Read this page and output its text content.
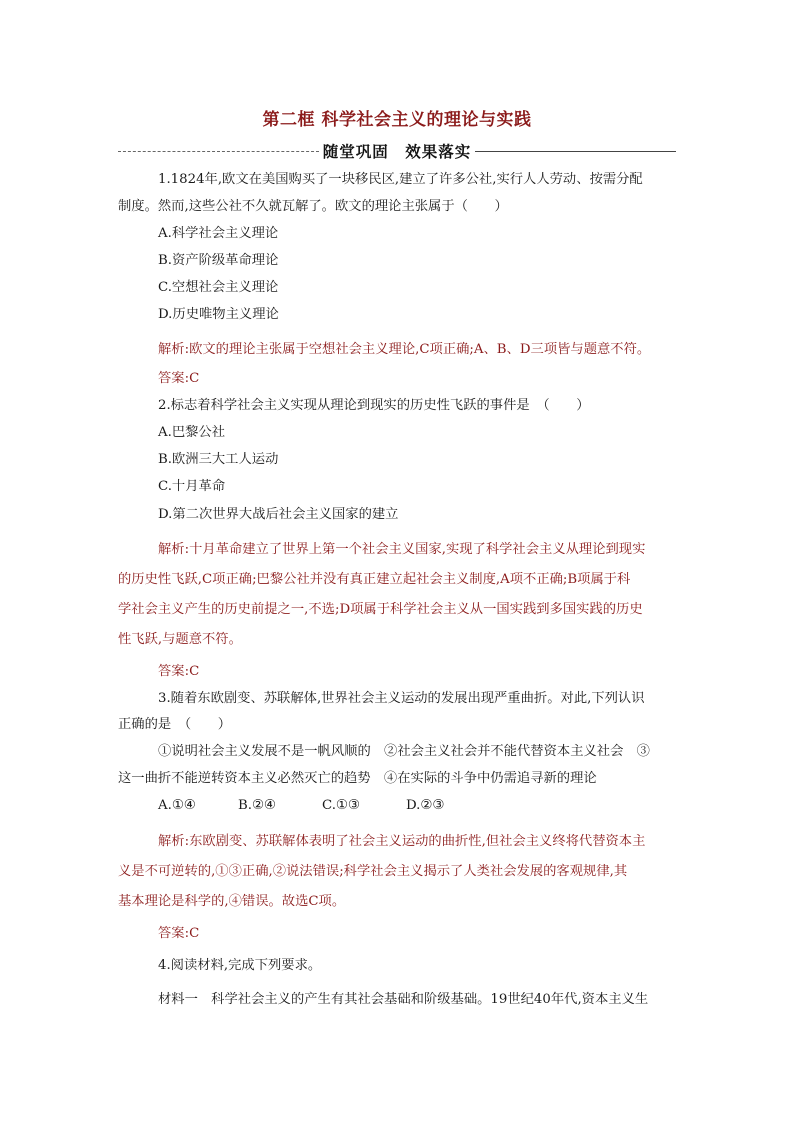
第二框 科学社会主义的理论与实践
随堂巩固　效果落实
1.1824年,欧文在美国购买了一块移民区,建立了许多公社,实行人人劳动、按需分配
制度。然而,这些公社不久就瓦解了。欧文的理论主张属于（　　）
A.科学社会主义理论
B.资产阶级革命理论
C.空想社会主义理论
D.历史唯物主义理论
解析:欧文的理论主张属于空想社会主义理论,C项正确;A、B、D三项皆与题意不符。
答案:C
2.标志着科学社会主义实现从理论到现实的历史性飞跃的事件是　（　　）
A.巴黎公社
B.欧洲三大工人运动
C.十月革命
D.第二次世界大战后社会主义国家的建立
解析:十月革命建立了世界上第一个社会主义国家,实现了科学社会主义从理论到现实
的历史性飞跃,C项正确;巴黎公社并没有真正建立起社会主义制度,A项不正确;B项属于科
学社会主义产生的历史前提之一,不选;D项属于科学社会主义从一国实践到多国实践的历史
性飞跃,与题意不符。
答案:C
3.随着东欧剧变、苏联解体,世界社会主义运动的发展出现严重曲折。对此,下列认识
正确的是　（　　）
①说明社会主义发展不是一帆风顺的　②社会主义社会并不能代替资本主义社会　③
这一曲折不能逆转资本主义必然灭亡的趋势　④在实际的斗争中仍需追寻新的理论
A.①④	B.②④	C.①③	D.②③
解析:东欧剧变、苏联解体表明了社会主义运动的曲折性,但社会主义终将代替资本主
义是不可逆转的,①③正确,②说法错误;科学社会主义揭示了人类社会发展的客观规律,其
基本理论是科学的,④错误。故选C项。
答案:C
4.阅读材料,完成下列要求。
材料一　科学社会主义的产生有其社会基础和阶级基础。19世纪40年代,资本主义生
